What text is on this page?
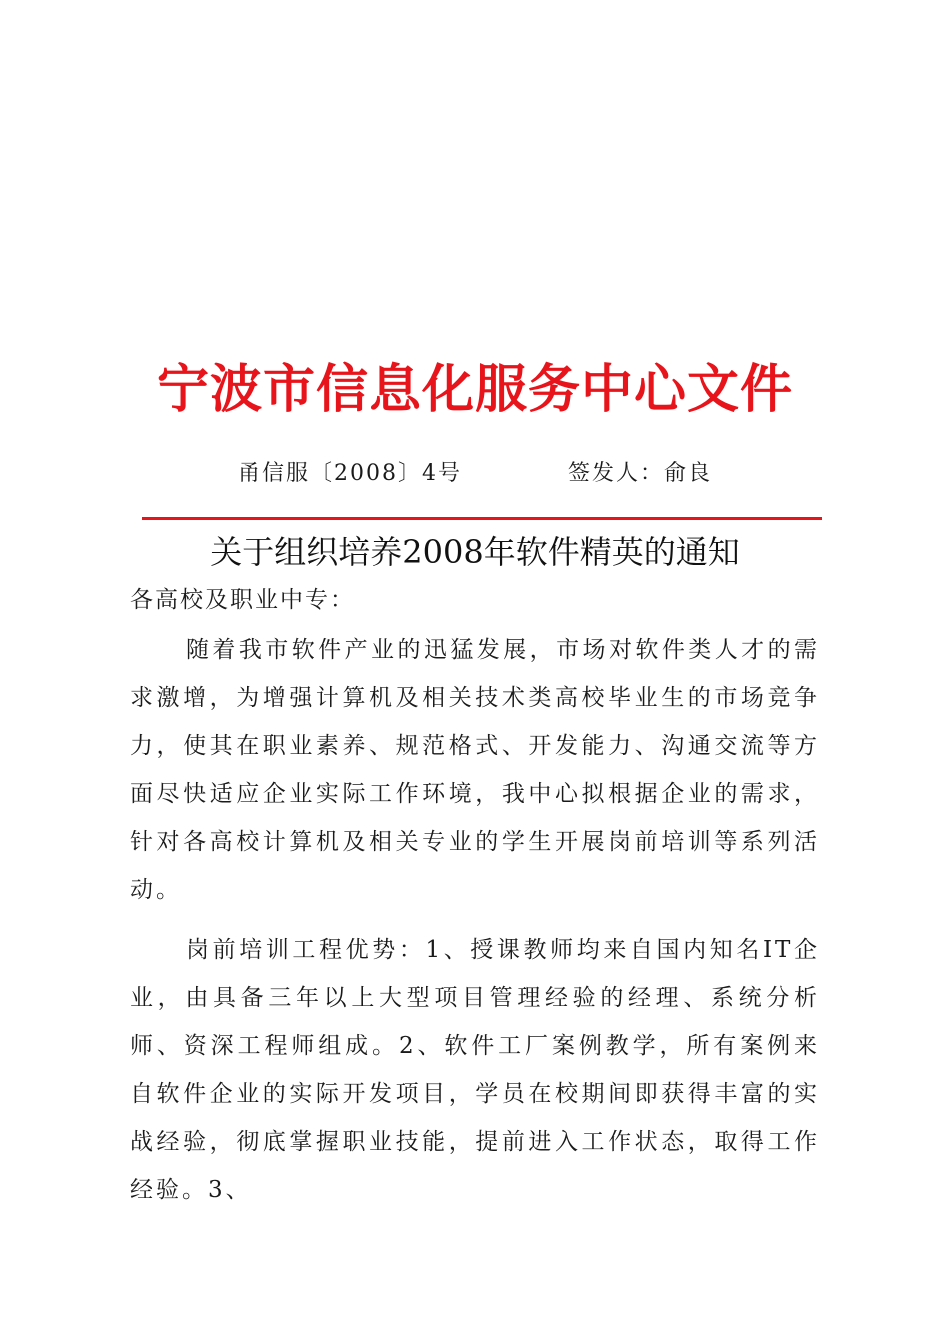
宁波市信息化服务中心文件
甬信服〔2008〕4号	签发人：俞良
关于组织培养2008年软件精英的通知
各高校及职业中专：

随着我市软件产业的迅猛发展，市场对软件类人才的需求激增，为增强计算机及相关技术类高校毕业生的市场竞争力，使其在职业素养、规范格式、开发能力、沟通交流等方面尽快适应企业实际工作环境，我中心拟根据企业的需求，针对各高校计算机及相关专业的学生开展岗前培训等系列活动。

岗前培训工程优势：1、授课教师均来自国内知名IT企业，由具备三年以上大型项目管理经验的经理、系统分析师、资深工程师组成。2、软件工厂案例教学，所有案例来自软件企业的实际开发项目，学员在校期间即获得丰富的实战经验，彻底掌握职业技能，提前进入工作状态，取得工作经验。3、
